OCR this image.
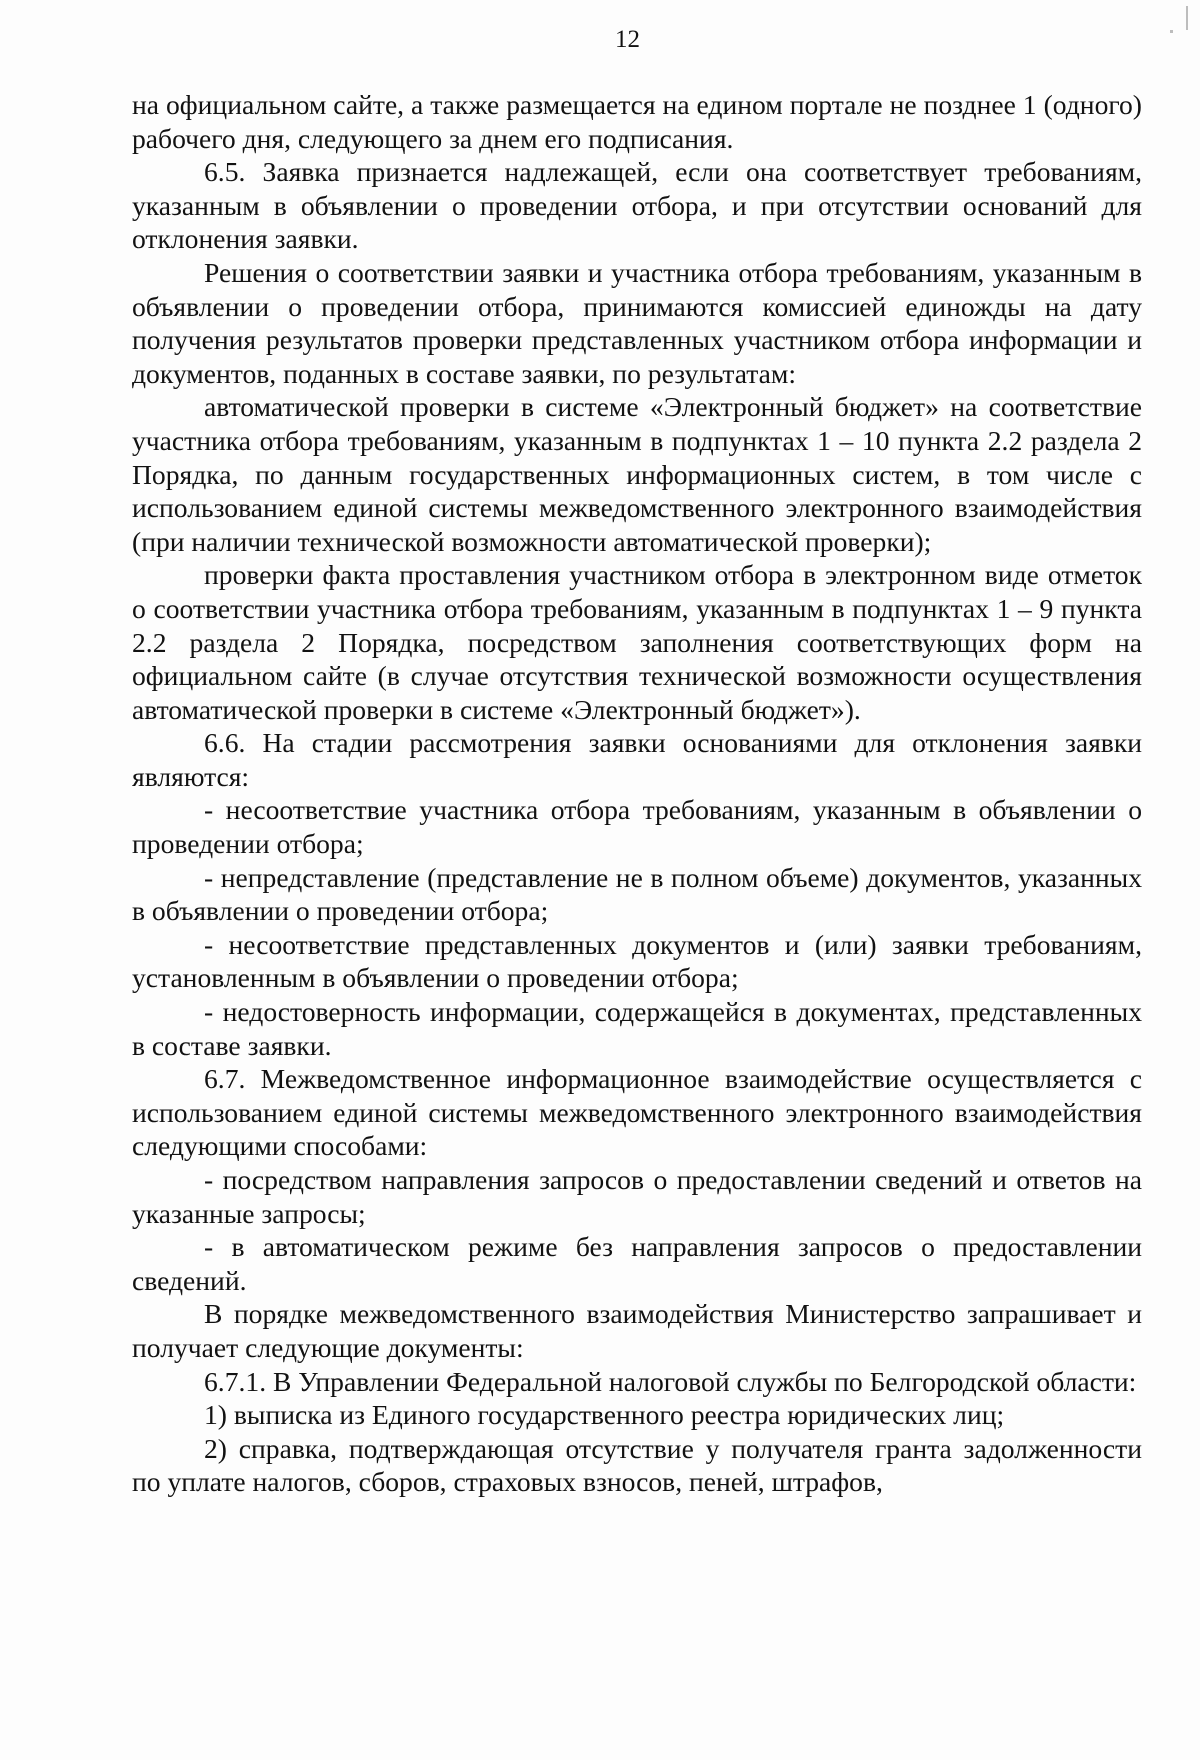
12

на официальном сайте, а также размещается на едином портале не позднее 1 (одного) рабочего дня, следующего за днем его подписания.

6.5. Заявка признается надлежащей, если она соответствует требованиям, указанным в объявлении о проведении отбора, и при отсутствии оснований для отклонения заявки.

Решения о соответствии заявки и участника отбора требованиям, указанным в объявлении о проведении отбора, принимаются комиссией единожды на дату получения результатов проверки представленных участником отбора информации и документов, поданных в составе заявки, по результатам:

автоматической проверки в системе «Электронный бюджет» на соответствие участника отбора требованиям, указанным в подпунктах 1 – 10 пункта 2.2 раздела 2 Порядка, по данным государственных информационных систем, в том числе с использованием единой системы межведомственного электронного взаимодействия (при наличии технической возможности автоматической проверки);

проверки факта проставления участником отбора в электронном виде отметок о соответствии участника отбора требованиям, указанным в подпунктах 1 – 9 пункта 2.2 раздела 2 Порядка, посредством заполнения соответствующих форм на официальном сайте (в случае отсутствия технической возможности осуществления автоматической проверки в системе «Электронный бюджет»).

6.6. На стадии рассмотрения заявки основаниями для отклонения заявки являются:

- несоответствие участника отбора требованиям, указанным в объявлении о проведении отбора;

- непредставление (представление не в полном объеме) документов, указанных в объявлении о проведении отбора;

- несоответствие представленных документов и (или) заявки требованиям, установленным в объявлении о проведении отбора;

- недостоверность информации, содержащейся в документах, представленных в составе заявки.

6.7. Межведомственное информационное взаимодействие осуществляется с использованием единой системы межведомственного электронного взаимодействия следующими способами:

- посредством направления запросов о предоставлении сведений и ответов на указанные запросы;

- в автоматическом режиме без направления запросов о предоставлении сведений.

В порядке межведомственного взаимодействия Министерство запрашивает и получает следующие документы:

6.7.1. В Управлении Федеральной налоговой службы по Белгородской области:

1) выписка из Единого государственного реестра юридических лиц;

2) справка, подтверждающая отсутствие у получателя гранта задолженности по уплате налогов, сборов, страховых взносов, пеней, штрафов,
